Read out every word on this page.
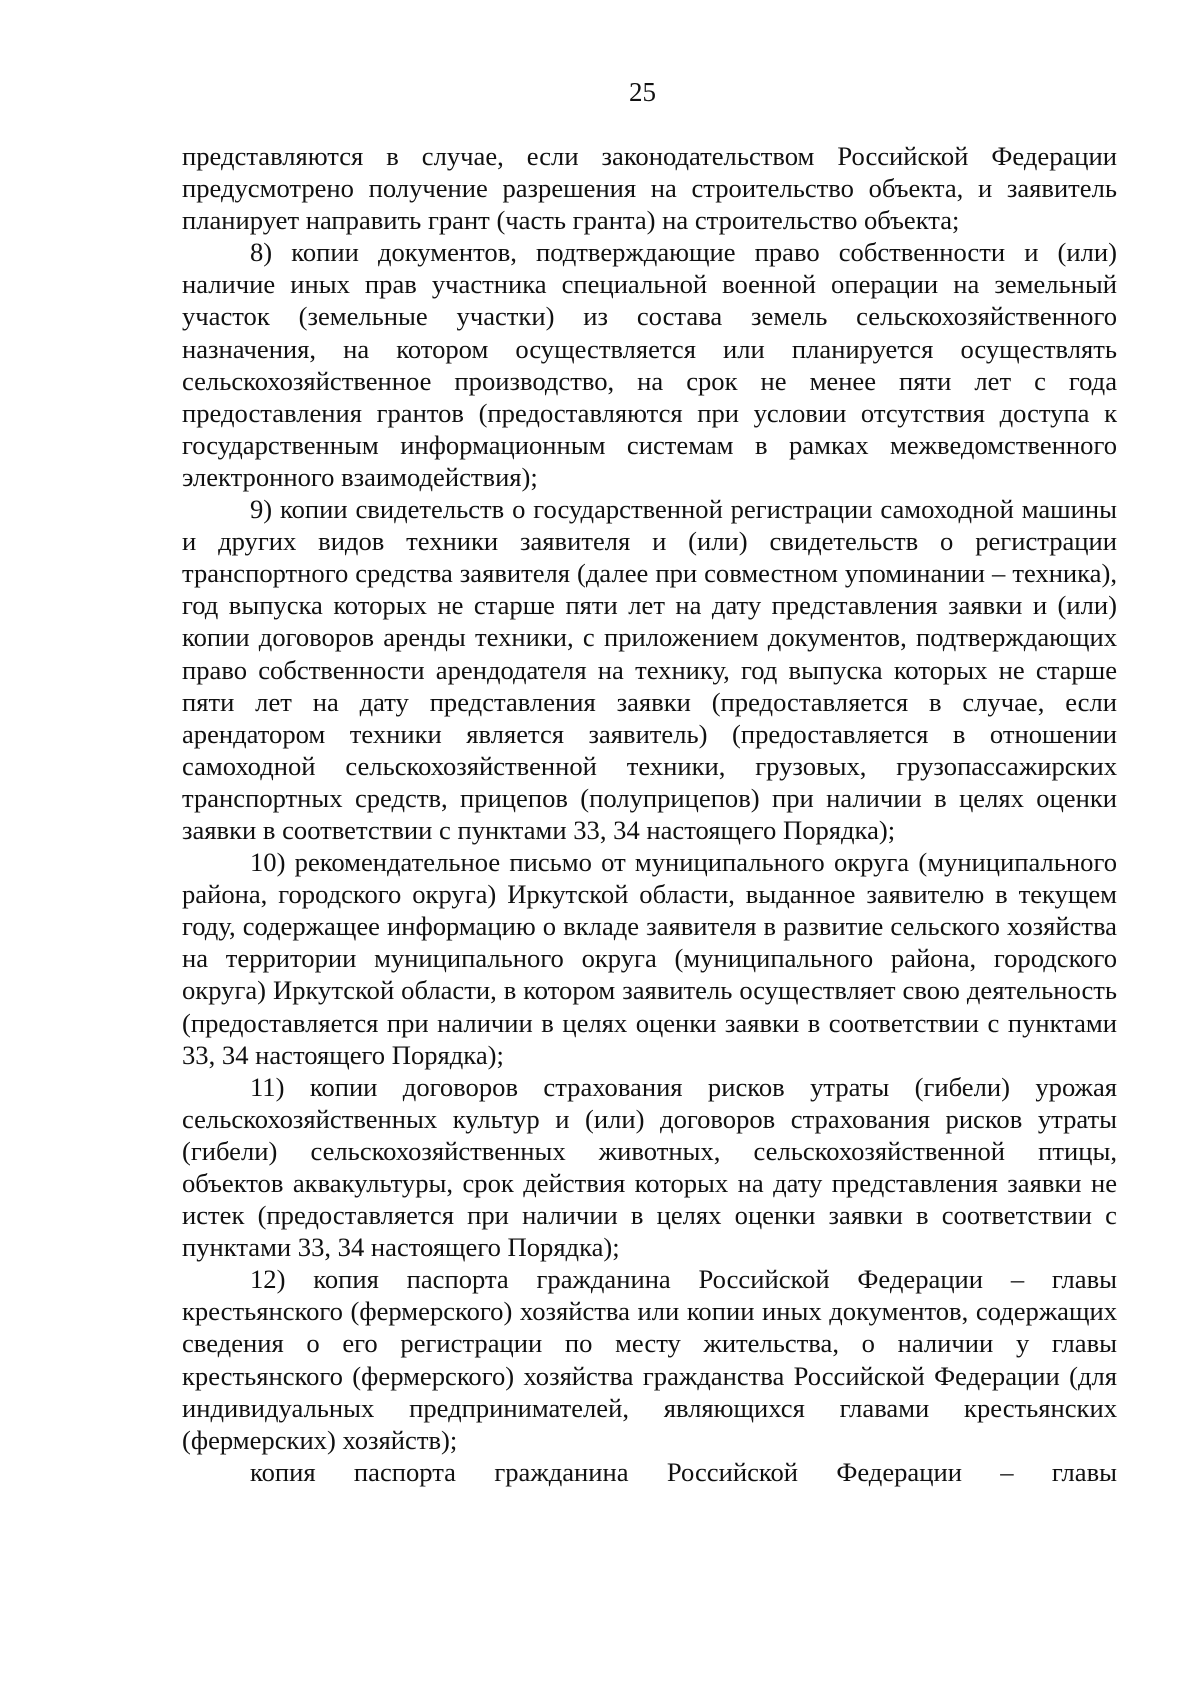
25

представляются в случае, если законодательством Российской Федерации предусмотрено получение разрешения на строительство объекта, и заявитель планирует направить грант (часть гранта) на строительство объекта;

8) копии документов, подтверждающие право собственности и (или) наличие иных прав участника специальной военной операции на земельный участок (земельные участки) из состава земель сельскохозяйственного назначения, на котором осуществляется или планируется осуществлять сельскохозяйственное производство, на срок не менее пяти лет с года предоставления грантов (предоставляются при условии отсутствия доступа к государственным информационным системам в рамках межведомственного электронного взаимодействия);

9) копии свидетельств о государственной регистрации самоходной машины и других видов техники заявителя и (или) свидетельств о регистрации транспортного средства заявителя (далее при совместном упоминании – техника), год выпуска которых не старше пяти лет на дату представления заявки и (или) копии договоров аренды техники, с приложением документов, подтверждающих право собственности арендодателя на технику, год выпуска которых не старше пяти лет на дату представления заявки (предоставляется в случае, если арендатором техники является заявитель) (предоставляется в отношении самоходной сельскохозяйственной техники, грузовых, грузопассажирских транспортных средств, прицепов (полуприцепов) при наличии в целях оценки заявки в соответствии с пунктами 33, 34 настоящего Порядка);

10) рекомендательное письмо от муниципального округа (муниципального района, городского округа) Иркутской области, выданное заявителю в текущем году, содержащее информацию о вкладе заявителя в развитие сельского хозяйства на территории муниципального округа (муниципального района, городского округа) Иркутской области, в котором заявитель осуществляет свою деятельность (предоставляется при наличии в целях оценки заявки в соответствии с пунктами 33, 34 настоящего Порядка);

11) копии договоров страхования рисков утраты (гибели) урожая сельскохозяйственных культур и (или) договоров страхования рисков утраты (гибели) сельскохозяйственных животных, сельскохозяйственной птицы, объектов аквакультуры, срок действия которых на дату представления заявки не истек (предоставляется при наличии в целях оценки заявки в соответствии с пунктами 33, 34 настоящего Порядка);

12) копия паспорта гражданина Российской Федерации – главы крестьянского (фермерского) хозяйства или копии иных документов, содержащих сведения о его регистрации по месту жительства, о наличии у главы крестьянского (фермерского) хозяйства гражданства Российской Федерации (для индивидуальных предпринимателей, являющихся главами крестьянских (фермерских) хозяйств);

копия паспорта гражданина Российской Федерации – главы
